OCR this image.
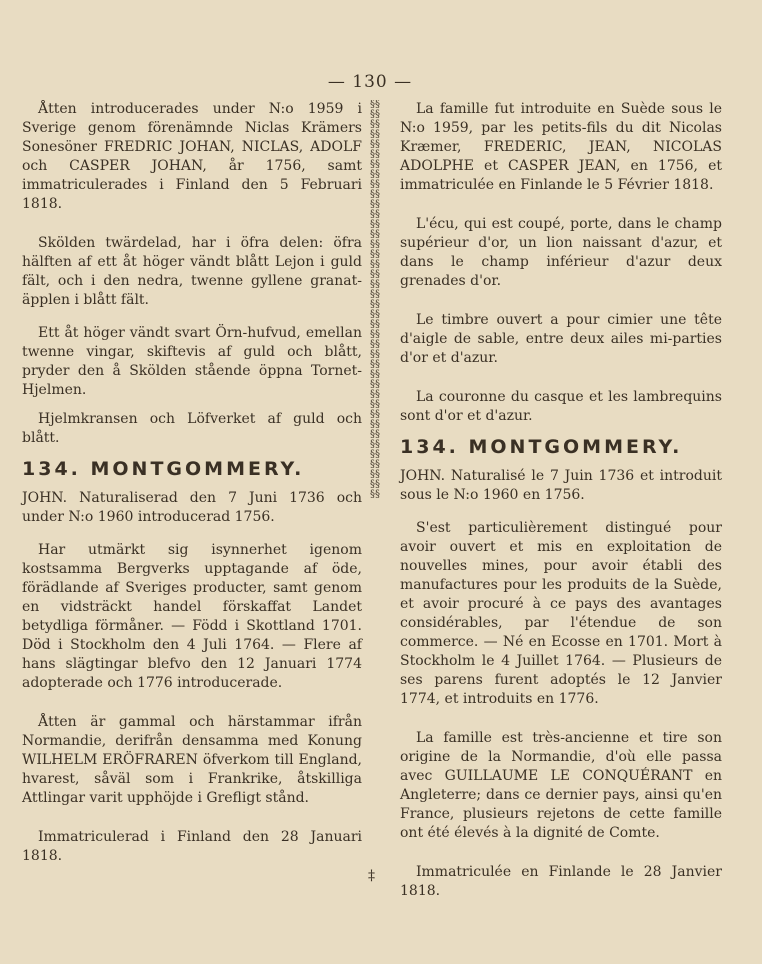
— 130 —

Åtten introducerades under N:o 1959 i Sverige genom förenämnde Niclas Krämers Sonesöner FREDRIC JOHAN, NICLAS, ADOLF och CASPER JOHAN, år 1756, samt immatriculerades i Finland den 5 Februari 1818.

Skölden twärdelad, har i öfra delen: öfra hälften af ett åt höger vändt blått Lejon i guld fält, och i den nedra, twenne gyllene granat-äpplen i blått fält.

Ett åt höger vändt svart Örn-hufvud, emellan twenne vingar, skiftevis af guld och blått, pryder den å Skölden stående öppna Tornet-Hjelmen.

Hjelmkransen och Löfverket af guld och blått.

134. MONTGOMMERY.

JOHN. Naturaliserad den 7 Juni 1736 och under N:o 1960 introducerad 1756.

Har utmärkt sig isynnerhet igenom kostsamma Bergverks upptagande af öde, förädlande af Sveriges producter, samt genom en vidsträckt handel förskaffat Landet betydliga förmåner. — Född i Skottland 1701. Död i Stockholm den 4 Juli 1764. — Flere af hans slägtingar blefvo den 12 Januari 1774 adopterade och 1776 introducerade.

Åtten är gammal och härstammar ifrån Normandie, derifrån densamma med Konung WILHELM ERÖFRAREN öfverkom till England, hvarest, såväl som i Frankrike, åtskilliga Attlingar varit upphöjde i Grefligt stånd.

Immatriculerad i Finland den 28 Januari 1818.

§§§§§§§§§§§§§§§§§§§§§§§§§§§§§§§§§§§§§§§§§§§§§§§§§§§§§§§§§§§§§§§§§§§§§§§§§§§§§§§§
‡

La famille fut introduite en Suède sous le N:o 1959, par les petits-fils du dit Nicolas Kræmer, FREDERIC, JEAN, NICOLAS ADOLPHE et CASPER JEAN, en 1756, et immatriculée en Finlande le 5 Février 1818.

L'écu, qui est coupé, porte, dans le champ supérieur d'or, un lion naissant d'azur, et dans le champ inférieur d'azur deux grenades d'or.

Le timbre ouvert a pour cimier une tête d'aigle de sable, entre deux ailes mi-parties d'or et d'azur.

La couronne du casque et les lambrequins sont d'or et d'azur.

134. MONTGOMMERY.

JOHN. Naturalisé le 7 Juin 1736 et introduit sous le N:o 1960 en 1756.

S'est particulièrement distingué pour avoir ouvert et mis en exploitation de nouvelles mines, pour avoir établi des manufactures pour les produits de la Suède, et avoir procuré à ce pays des avantages considérables, par l'étendue de son commerce. — Né en Ecosse en 1701. Mort à Stockholm le 4 Juillet 1764. — Plusieurs de ses parens furent adoptés le 12 Janvier 1774, et introduits en 1776.

La famille est très-ancienne et tire son origine de la Normandie, d'où elle passa avec GUILLAUME LE CONQUÉRANT en Angleterre; dans ce dernier pays, ainsi qu'en France, plusieurs rejetons de cette famille ont été élevés à la dignité de Comte.

Immatriculée en Finlande le 28 Janvier 1818.
